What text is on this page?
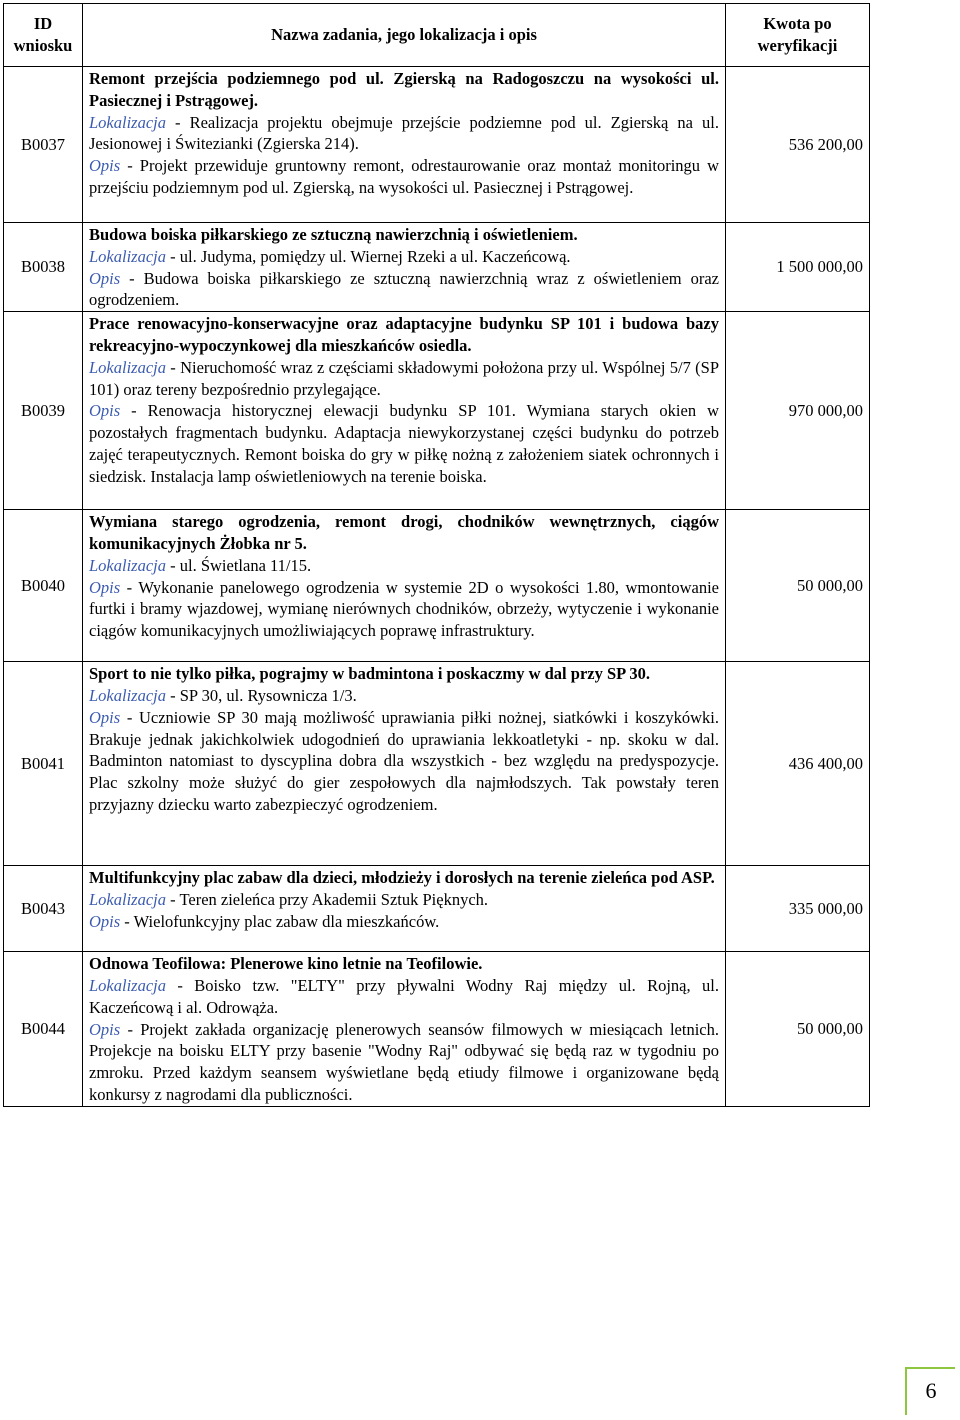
ID wniosku	Nazwa zadania, jego lokalizacja i opis	Kwota po weryfikacji
B0037	Remont przejścia podziemnego pod ul. Zgierską na Radogoszczu na wysokości ul. Pasiecznej i Pstrągowej.
Lokalizacja - Realizacja projektu obejmuje przejście podziemne pod ul. Zgierską na ul. Jesionowej i Świtezianki (Zgierska 214).
Opis - Projekt przewiduje gruntowny remont, odrestaurowanie oraz montaż monitoringu w przejściu podziemnym pod ul. Zgierską, na wysokości ul. Pasiecznej i Pstrągowej.	536 200,00
B0038	Budowa boiska piłkarskiego ze sztuczną nawierzchnią i oświetleniem.
Lokalizacja - ul. Judyma, pomiędzy ul. Wiernej Rzeki a ul. Kaczeńcową.
Opis - Budowa boiska piłkarskiego ze sztuczną nawierzchnią wraz z oświetleniem oraz ogrodzeniem.	1 500 000,00
B0039	Prace renowacyjno-konserwacyjne oraz adaptacyjne budynku SP 101 i budowa bazy rekreacyjno-wypoczynkowej dla mieszkańców osiedla.
Lokalizacja - Nieruchomość wraz z częściami składowymi położona przy ul. Wspólnej 5/7 (SP 101) oraz tereny bezpośrednio przylegające.
Opis - Renowacja historycznej elewacji budynku SP 101. Wymiana starych okien w pozostałych fragmentach budynku. Adaptacja niewykorzystanej części budynku do potrzeb zajęć terapeutycznych. Remont boiska do gry w piłkę nożną z założeniem siatek ochronnych i siedzisk. Instalacja lamp oświetleniowych na terenie boiska.	970 000,00
B0040	Wymiana starego ogrodzenia, remont drogi, chodników wewnętrznych, ciągów komunikacyjnych Żłobka nr 5.
Lokalizacja - ul. Świetlana 11/15.
Opis - Wykonanie panelowego ogrodzenia w systemie 2D o wysokości 1.80, wmontowanie furtki i bramy wjazdowej, wymianę nierównych chodników, obrzeży, wytyczenie i wykonanie ciągów komunikacyjnych umożliwiających poprawę infrastruktury.	50 000,00
B0041	Sport to nie tylko piłka, pograjmy w badmintona i poskaczmy w dal przy SP 30.
Lokalizacja - SP 30, ul. Rysownicza 1/3.
Opis - Uczniowie SP 30 mają możliwość uprawiania piłki nożnej, siatkówki i koszykówki. Brakuje jednak jakichkolwiek udogodnień do uprawiania lekkoatletyki - np. skoku w dal. Badminton natomiast to dyscyplina dobra dla wszystkich - bez względu na predyspozycje. Plac szkolny może służyć do gier zespołowych dla najmłodszych. Tak powstały teren przyjazny dziecku warto zabezpieczyć ogrodzeniem.	436 400,00
B0043	Multifunkcyjny plac zabaw dla dzieci, młodzieży i dorosłych na terenie zieleńca pod ASP.
Lokalizacja - Teren zieleńca przy Akademii Sztuk Pięknych.
Opis - Wielofunkcyjny plac zabaw dla mieszkańców.	335 000,00
B0044	Odnowa Teofilowa: Plenerowe kino letnie na Teofilowie.
Lokalizacja - Boisko tzw. "ELTY" przy pływalni Wodny Raj między ul. Rojną, ul. Kaczeńcową i al. Odrowąża.
Opis - Projekt zakłada organizację plenerowych seansów filmowych w miesiącach letnich. Projekcje na boisku ELTY przy basenie "Wodny Raj" odbywać się będą raz w tygodniu po zmroku. Przed każdym seansem wyświetlane będą etiudy filmowe i organizowane będą konkursy z nagrodami dla publiczności.	50 000,00
6
